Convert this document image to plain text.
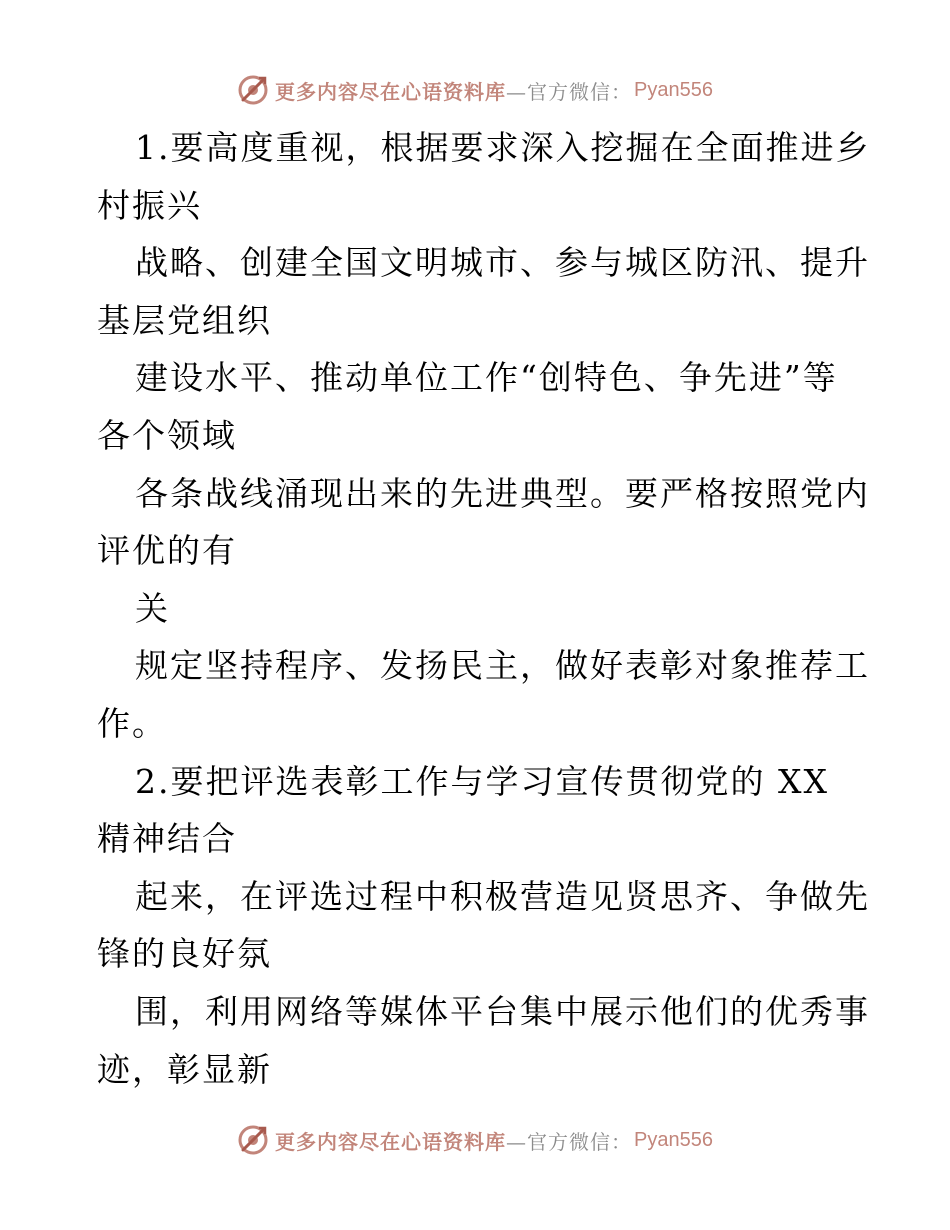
更多内容尽在心语资料库 —官方微信： Pyan556
1.要高度重视，根据要求深入挖掘在全面推进乡
村振兴
战略、创建全国文明城市、参与城区防汛、提升
基层党组织
建设水平、推动单位工作“创特色、争先进”等
各个领域
各条战线涌现出来的先进典型。要严格按照党内
评优的有
关
规定坚持程序、发扬民主，做好表彰对象推荐工
作。
2.要把评选表彰工作与学习宣传贯彻党的 XX
精神结合
起来，在评选过程中积极营造见贤思齐、争做先
锋的良好氛
围，利用网络等媒体平台集中展示他们的优秀事
迹，彰显新
更多内容尽在心语资料库 —官方微信： Pyan556
